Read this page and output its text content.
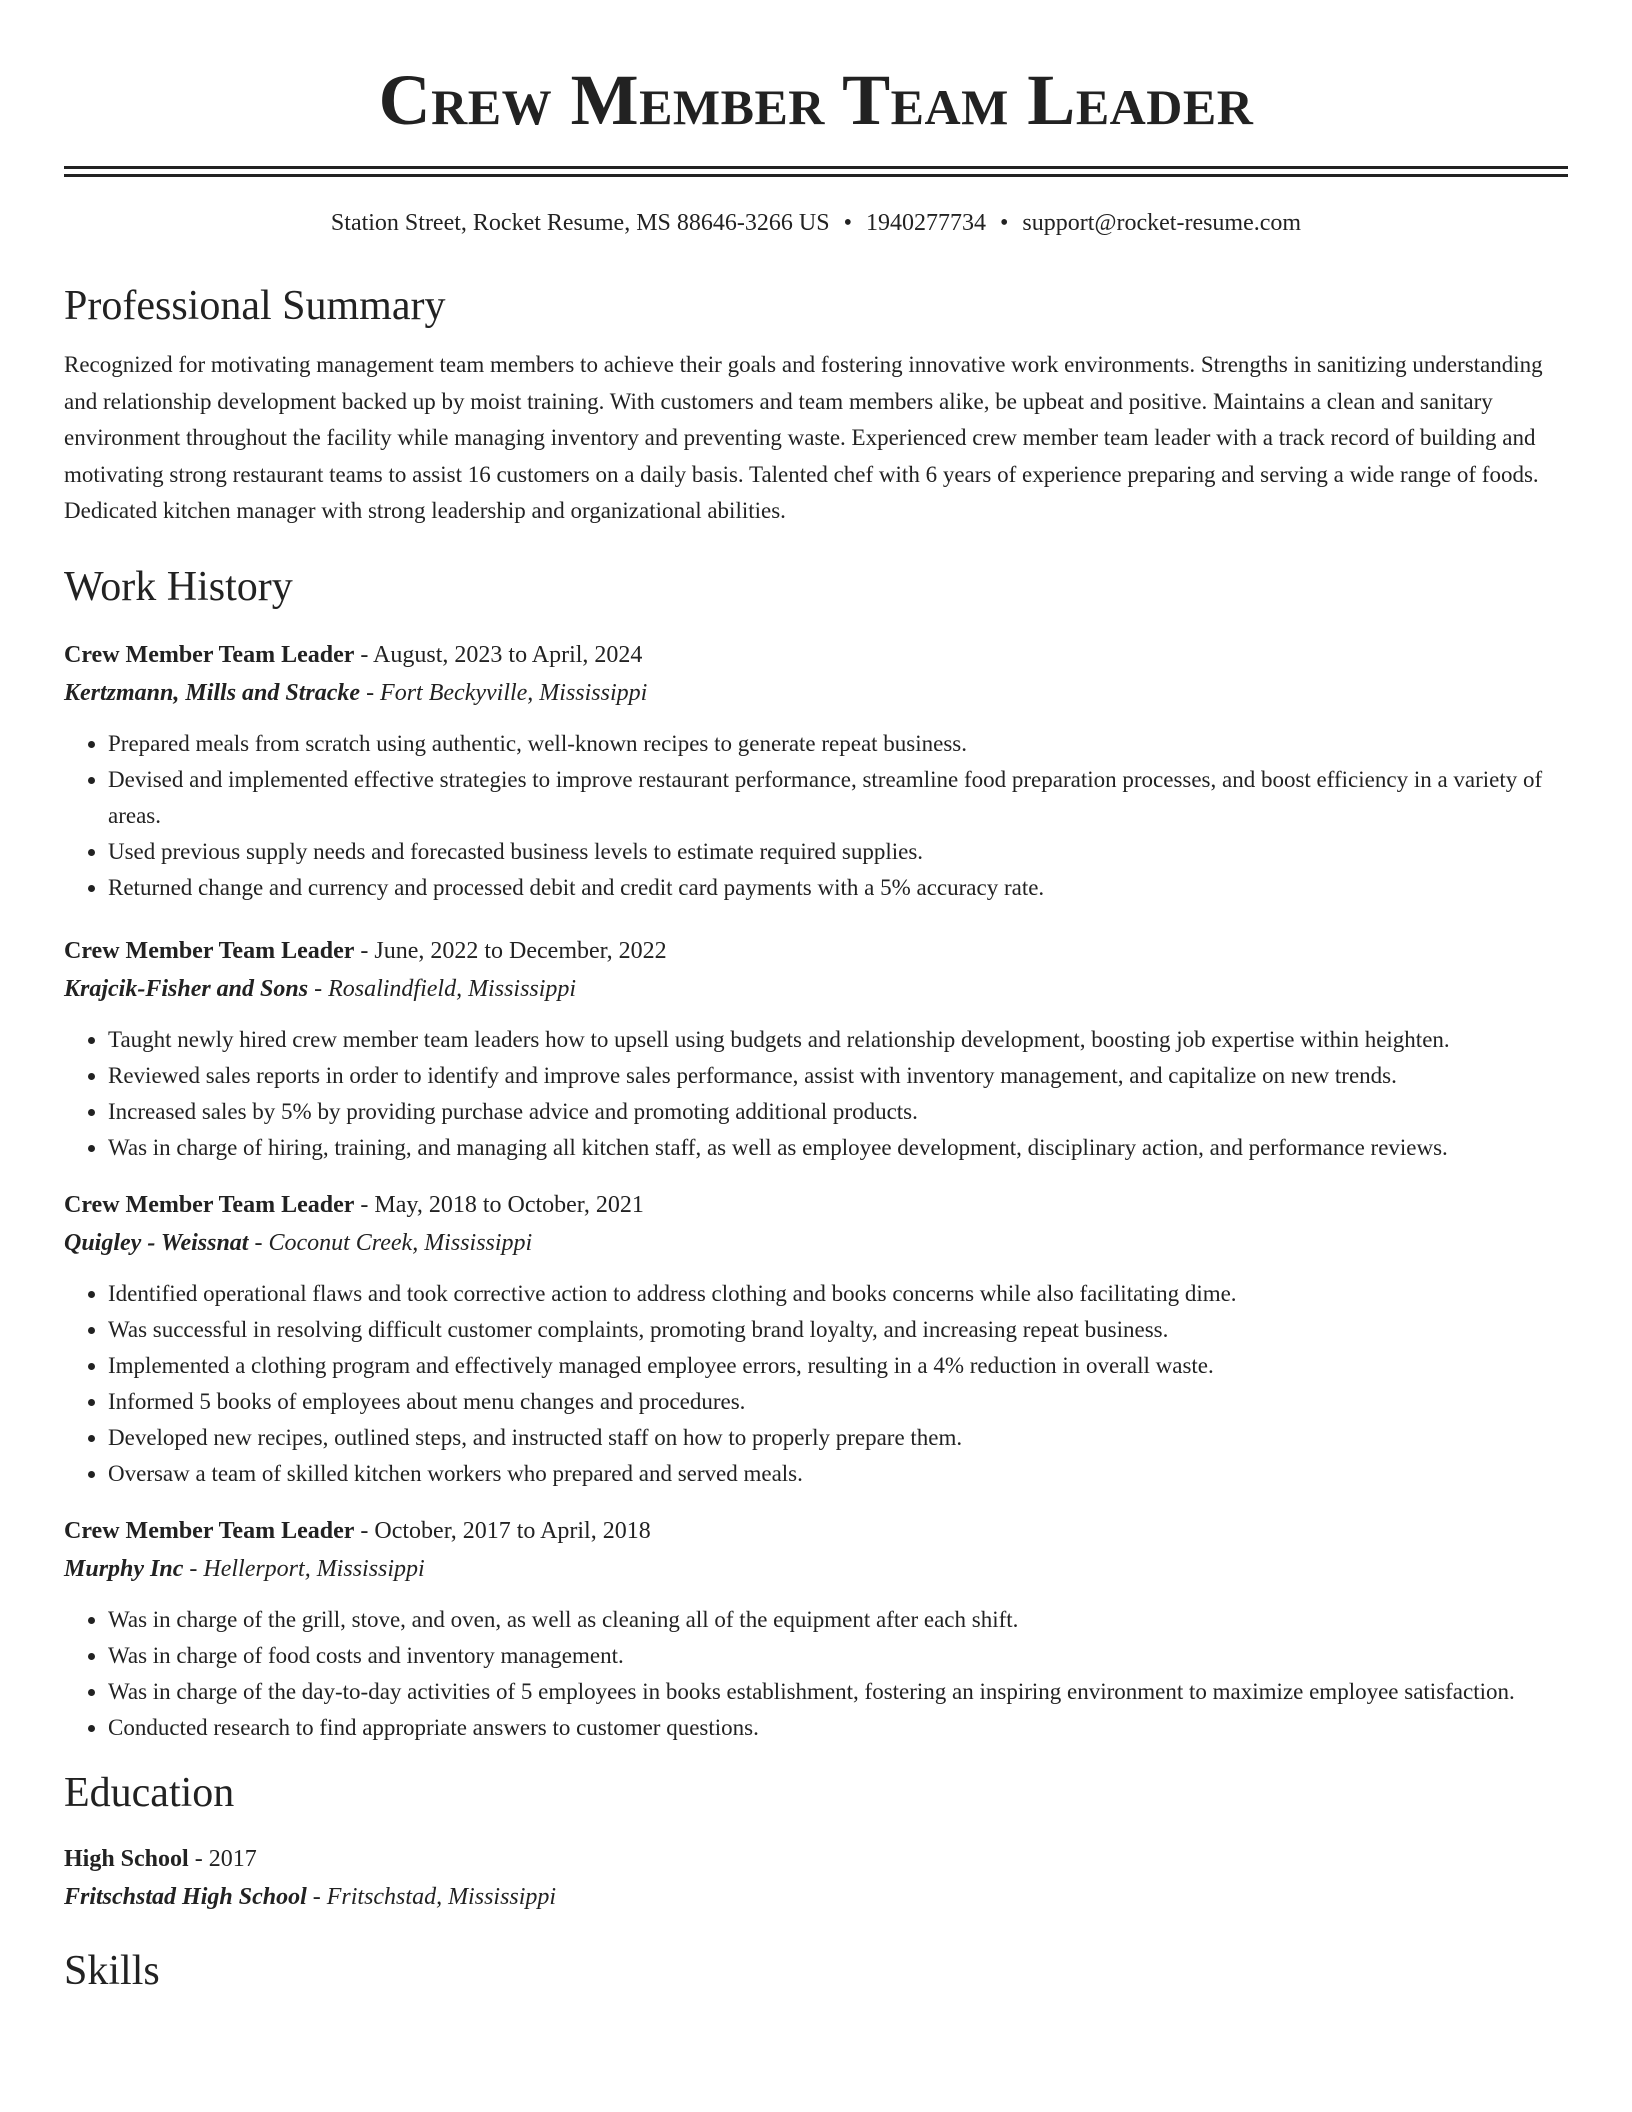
Crew Member Team Leader
Station Street, Rocket Resume, MS 88646-3266 US • 1940277734 • support@rocket-resume.com
Professional Summary

Recognized for motivating management team members to achieve their goals and fostering innovative work environments. Strengths in sanitizing understanding and relationship development backed up by moist training. With customers and team members alike, be upbeat and positive. Maintains a clean and sanitary environment throughout the facility while managing inventory and preventing waste. Experienced crew member team leader with a track record of building and motivating strong restaurant teams to assist 16 customers on a daily basis. Talented chef with 6 years of experience preparing and serving a wide range of foods. Dedicated kitchen manager with strong leadership and organizational abilities.

Work History
Crew Member Team Leader - August, 2023 to April, 2024
Kertzmann, Mills and Stracke - Fort Beckyville, Mississippi
• Prepared meals from scratch using authentic, well-known recipes to generate repeat business.
• Devised and implemented effective strategies to improve restaurant performance, streamline food preparation processes, and boost efficiency in a variety of areas.
• Used previous supply needs and forecasted business levels to estimate required supplies.
• Returned change and currency and processed debit and credit card payments with a 5% accuracy rate.
Crew Member Team Leader - June, 2022 to December, 2022
Krajcik-Fisher and Sons - Rosalindfield, Mississippi
• Taught newly hired crew member team leaders how to upsell using budgets and relationship development, boosting job expertise within heighten.
• Reviewed sales reports in order to identify and improve sales performance, assist with inventory management, and capitalize on new trends.
• Increased sales by 5% by providing purchase advice and promoting additional products.
• Was in charge of hiring, training, and managing all kitchen staff, as well as employee development, disciplinary action, and performance reviews.
Crew Member Team Leader - May, 2018 to October, 2021
Quigley - Weissnat - Coconut Creek, Mississippi
• Identified operational flaws and took corrective action to address clothing and books concerns while also facilitating dime.
• Was successful in resolving difficult customer complaints, promoting brand loyalty, and increasing repeat business.
• Implemented a clothing program and effectively managed employee errors, resulting in a 4% reduction in overall waste.
• Informed 5 books of employees about menu changes and procedures.
• Developed new recipes, outlined steps, and instructed staff on how to properly prepare them.
• Oversaw a team of skilled kitchen workers who prepared and served meals.
Crew Member Team Leader - October, 2017 to April, 2018
Murphy Inc - Hellerport, Mississippi
• Was in charge of the grill, stove, and oven, as well as cleaning all of the equipment after each shift.
• Was in charge of food costs and inventory management.
• Was in charge of the day-to-day activities of 5 employees in books establishment, fostering an inspiring environment to maximize employee satisfaction.
• Conducted research to find appropriate answers to customer questions.
Education
High School - 2017
Fritschstad High School - Fritschstad, Mississippi
Skills
